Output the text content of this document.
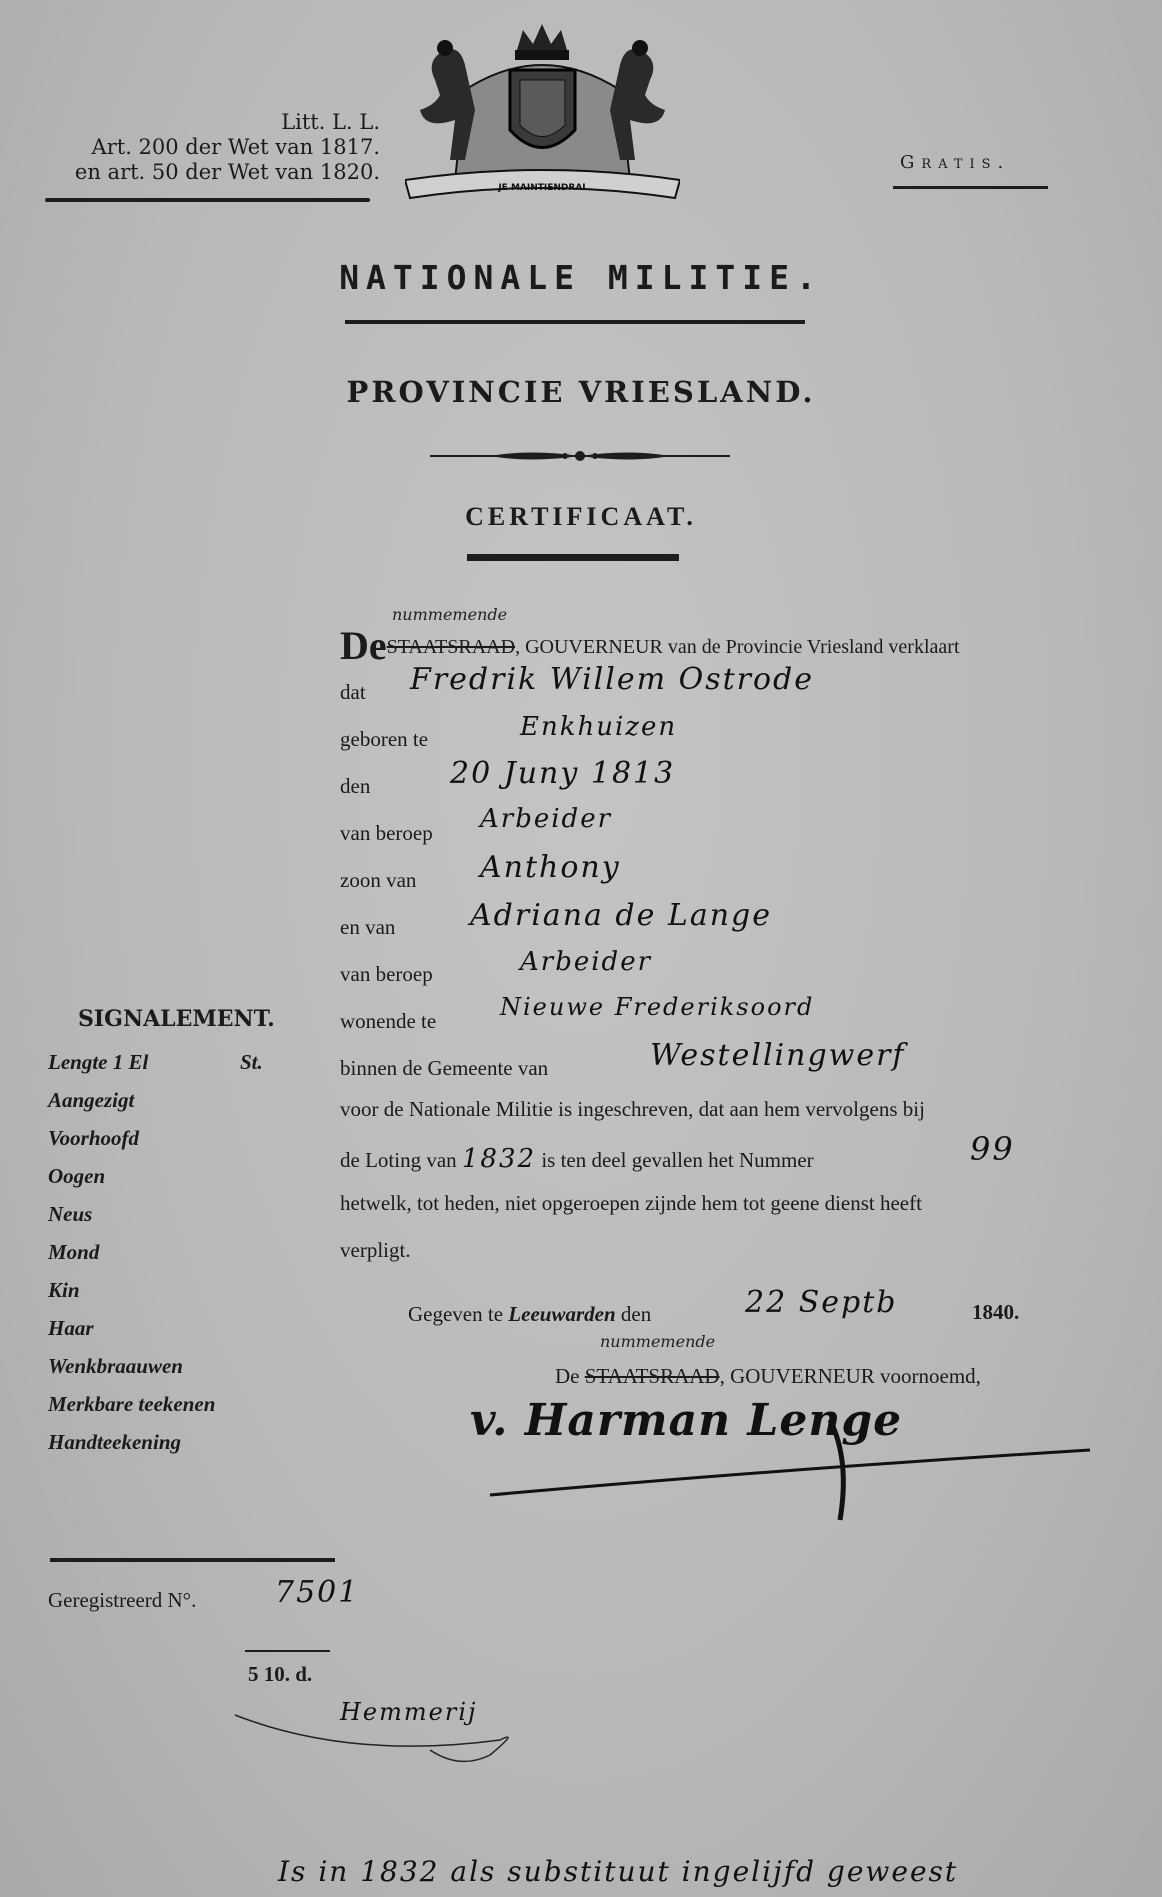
Litt. L. L.
Art. 200 der Wet van 1817.
en art. 50 der Wet van 1820.
JE MAINTIENDRAI
Gratis.
NATIONALE MILITIE.
PROVINCIE VRIESLAND.
CERTIFICAAT.
DeSTAATSRAAD, GOUVERNEUR van de Provincie Vriesland verklaart
nummemende
dat Fredrik Willem Ostrode
geboren te	Enkhuizen
den	20 Juny 1813
van beroep Arbeider
zoon van Anthony
en van Adriana de Lange
van beroep	Arbeider
wonende te	Nieuwe Frederiksoord
binnen de Gemeente van	Westellingwerf
voor de Nationale Militie is ingeschreven, dat aan hem vervolgens bij
de Loting van 1832 is ten deel gevallen het Nummer	99
hetwelk, tot heden, niet opgeroepen zijnde hem tot geene dienst heeft
verpligt.
Gegeven te Leeuwarden den	22 Septb	1840.
nummemende
De STAATSRAAD, GOUVERNEUR voornoemd,
v. Harman Lenge
SIGNALEMENT.
Lengte 1 El	St.
Aangezigt
Voorhoofd
Oogen
Neus
Mond
Kin
Haar
Wenkbraauwen
Merkbare teekenen
Handteekening
Geregistreerd N°.	7501
5 10. d.
Hemmerij
Is in 1832 als substituut ingelijfd geweest
